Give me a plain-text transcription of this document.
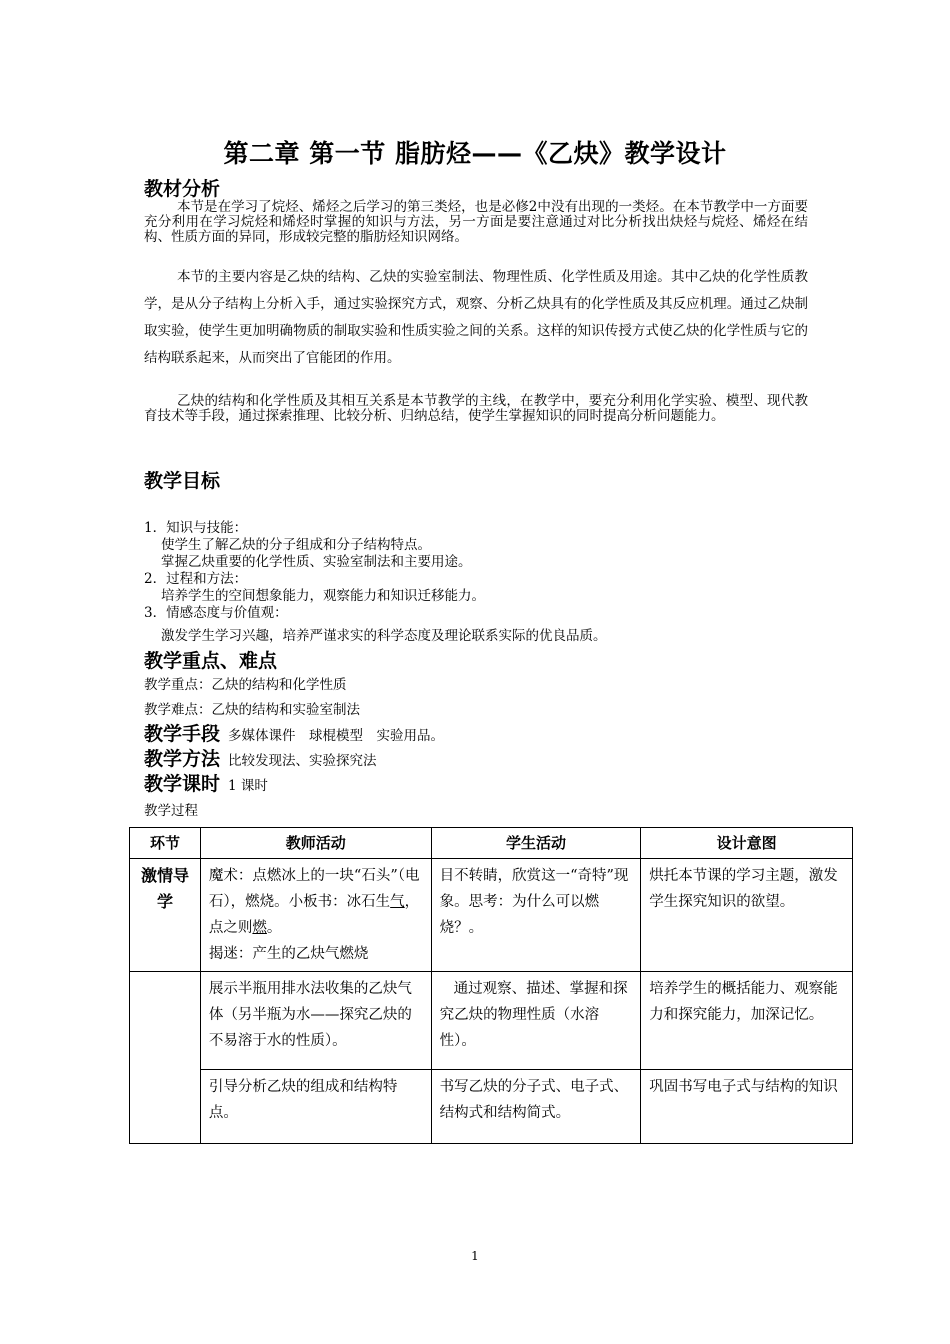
第二章 第一节 脂肪烃——《乙炔》教学设计
教材分析
本节是在学习了烷烃、烯烃之后学习的第三类烃，也是必修2中没有出现的一类烃。在本节教学中一方面要充分利用在学习烷烃和烯烃时掌握的知识与方法，另一方面是要注意通过对比分析找出炔烃与烷烃、烯烃在结构、性质方面的异同，形成较完整的脂肪烃知识网络。
本节的主要内容是乙炔的结构、乙炔的实验室制法、物理性质、化学性质及用途。其中乙炔的化学性质教学，是从分子结构上分析入手，通过实验探究方式，观察、分析乙炔具有的化学性质及其反应机理。通过乙炔制取实验，使学生更加明确物质的制取实验和性质实验之间的关系。这样的知识传授方式使乙炔的化学性质与它的结构联系起来，从而突出了官能团的作用。
乙炔的结构和化学性质及其相互关系是本节教学的主线，在教学中，要充分利用化学实验、模型、现代教育技术等手段，通过探索推理、比较分析、归纳总结，使学生掌握知识的同时提高分析问题能力。
教学目标
1．知识与技能：
使学生了解乙炔的分子组成和分子结构特点。
掌握乙炔重要的化学性质、实验室制法和主要用途。
2．过程和方法：
培养学生的空间想象能力，观察能力和知识迁移能力。
3．情感态度与价值观：
激发学生学习兴趣，培养严谨求实的科学态度及理论联系实际的优良品质。
教学重点、难点
教学重点：乙炔的结构和化学性质
教学难点：乙炔的结构和实验室制法
教学手段 多媒体课件　球棍模型　实验用品。
教学方法 比较发现法、实验探究法
教学课时 1 课时
教学过程
环节	教师活动	学生活动	设计意图
激情导学	魔术：点燃冰上的一块“石头”（电石），燃烧。小板书：冰石生气，点之则燃。
揭迷：产生的乙炔气燃烧	目不转睛，欣赏这一“奇特”现象。思考：为什么可以燃烧？。	烘托本节课的学习主题，激发学生探究知识的欲望。
	展示半瓶用排水法收集的乙炔气体（另半瓶为水——探究乙炔的不易溶于水的性质）。	通过观察、描述、掌握和探究乙炔的物理性质（水溶性）。	培养学生的概括能力、观察能力和探究能力，加深记忆。
	引导分析乙炔的组成和结构特点。	书写乙炔的分子式、电子式、结构式和结构简式。	巩固书写电子式与结构的知识
1
